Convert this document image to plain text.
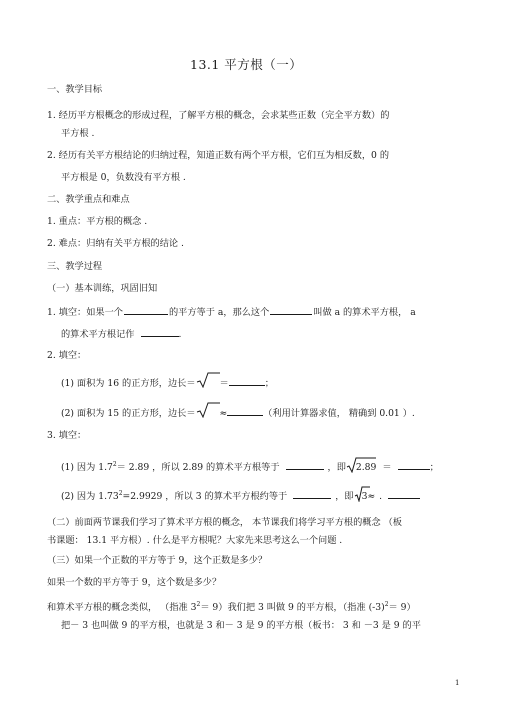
13.1 平方根（一）
一、教学目标
1. 经历平方根概念的形成过程，了解平方根的概念，会求某些正数（完全平方数）的
平方根 .
2. 经历有关平方根结论的归纳过程，知道正数有两个平方根，它们互为相反数，0 的
平方根是 0，负数没有平方根 .
二、教学重点和难点
1. 重点：平方根的概念 .
2. 难点：归纳有关平方根的结论 .
三、教学过程
（一）基本训练，巩固旧知
1. 填空：如果一个	的平方等于 a，那么这个	叫做 a 的算术平方根， a
的算术平方根记作	.
2. 填空：
(1) 面积为 16 的正方形，边长＝	＝	；
(2) 面积为 15 的正方形，边长＝	≈	（利用计算器求值， 精确到 0.01 ）.
3. 填空：
(1) 因为 $1.7^2= 2.89$ ，所以 2.89 的算术平方根等于	，即 2.89 ＝	；
(2) 因为 $1.73^2=2.9929$ ，所以 3 的算术平方根约等于	，即 3≈ .
（二）前面两节课我们学习了算术平方根的概念， 本节课我们将学习平方根的概念 （板
书课题： 13.1 平方根）. 什么是平方根呢？大家先来思考这么一个问题 .
（三）如果一个正数的平方等于 9，这个正数是多少？
如果一个数的平方等于 9，这个数是多少？
和算术平方根的概念类似， （指准 $3^2= 9$）我们把 3 叫做 9 的平方根，（指准 $(-3)^2= 9$）
把－ 3 也叫做 9 的平方根，也就是 3 和－ 3 是 9 的平方根（板书： 3 和 －3 是 9 的平
1
